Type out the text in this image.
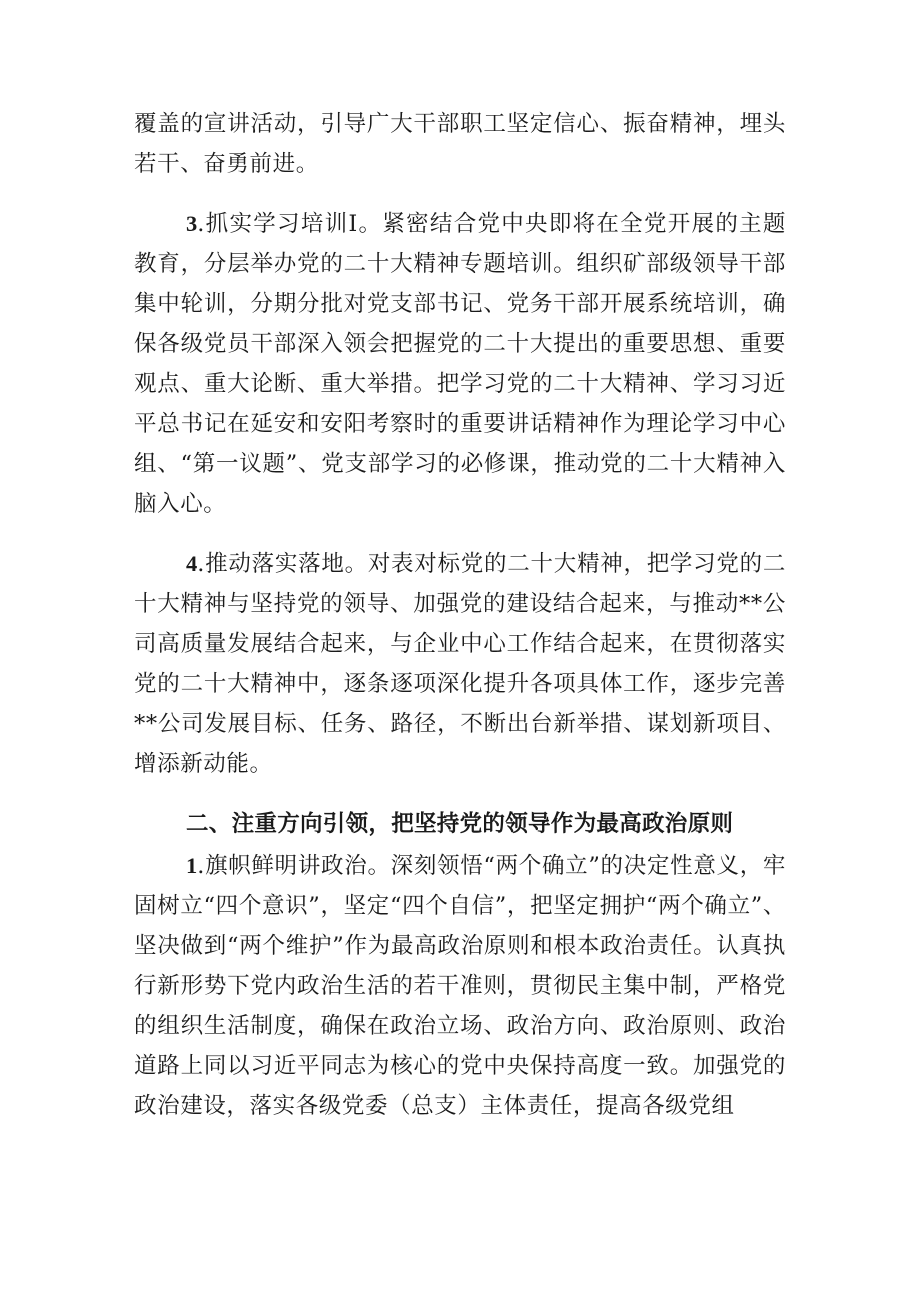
覆盖的宣讲活动，引导广大干部职工坚定信心、振奋精神，埋头若干、奋勇前进。

3.抓实学习培训I。紧密结合党中央即将在全党开展的主题教育，分层举办党的二十大精神专题培训。组织矿部级领导干部集中轮训，分期分批对党支部书记、党务干部开展系统培训，确保各级党员干部深入领会把握党的二十大提出的重要思想、重要观点、重大论断、重大举措。把学习党的二十大精神、学习习近平总书记在延安和安阳考察时的重要讲话精神作为理论学习中心组、“第一议题”、党支部学习的必修课，推动党的二十大精神入脑入心。

4.推动落实落地。对表对标党的二十大精神，把学习党的二十大精神与坚持党的领导、加强党的建设结合起来，与推动**公司高质量发展结合起来，与企业中心工作结合起来，在贯彻落实党的二十大精神中，逐条逐项深化提升各项具体工作，逐步完善**公司发展目标、任务、路径，不断出台新举措、谋划新项目、增添新动能。

二、注重方向引领，把坚持党的领导作为最高政治原则

1.旗帜鲜明讲政治。深刻领悟“两个确立”的决定性意义，牢固树立“四个意识”，坚定“四个自信”，把坚定拥护“两个确立”、坚决做到“两个维护”作为最高政治原则和根本政治责任。认真执行新形势下党内政治生活的若干准则，贯彻民主集中制，严格党的组织生活制度，确保在政治立场、政治方向、政治原则、政治道路上同以习近平同志为核心的党中央保持高度一致。加强党的政治建设，落实各级党委（总支）主体责任，提高各级党组
